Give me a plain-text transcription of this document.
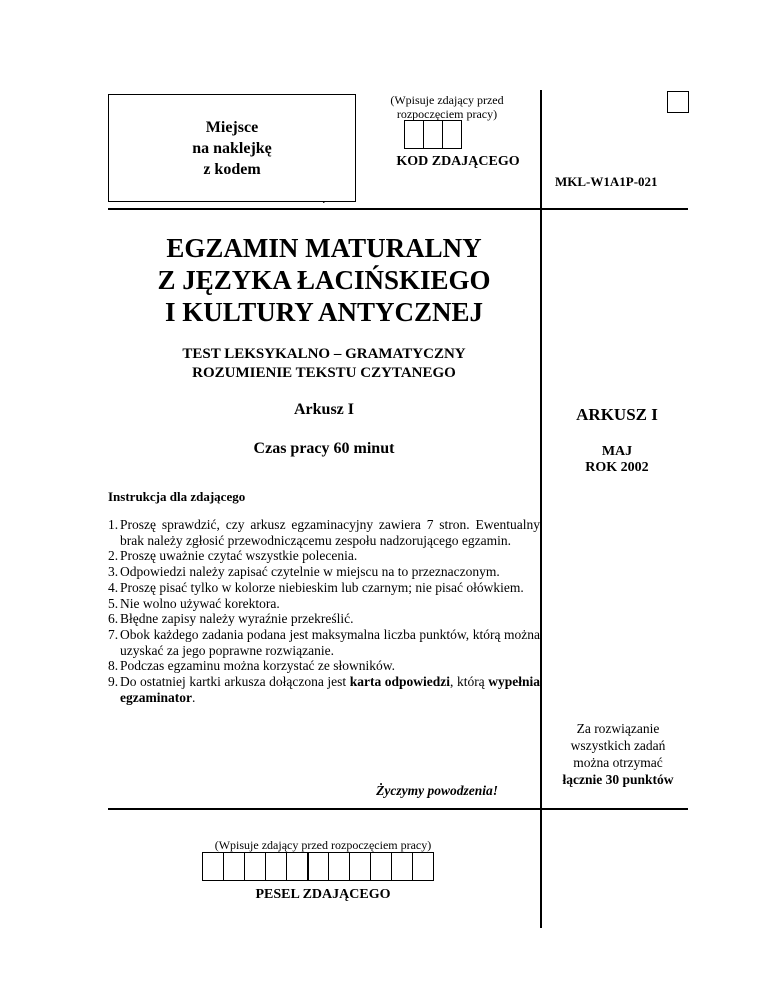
Miejsce
na naklejkę
z kodem
(Wpisuje zdający przed rozpoczęciem pracy)
KOD ZDAJĄCEGO
.
MKL-W1A1P-021
EGZAMIN MATURALNY
Z JĘZYKA ŁACIŃSKIEGO
I KULTURY ANTYCZNEJ
TEST LEKSYKALNO – GRAMATYCZNY
ROZUMIENIE TEKSTU CZYTANEGO
Arkusz I
Czas pracy 60 minut
ARKUSZ I
MAJ
ROK 2002
Instrukcja dla zdającego
1. Proszę sprawdzić, czy arkusz egzaminacyjny zawiera 7 stron. Ewentualny brak należy zgłosić przewodniczącemu zespołu nadzorującego egzamin.
2. Proszę uważnie czytać wszystkie polecenia.
3. Odpowiedzi należy zapisać czytelnie w miejscu na to przeznaczonym.
4. Proszę pisać tylko w kolorze niebieskim lub czarnym; nie pisać ołówkiem.
5. Nie wolno używać korektora.
6. Błędne zapisy należy wyraźnie przekreślić.
7. Obok każdego zadania podana jest maksymalna liczba punktów, którą można uzyskać za jego poprawne rozwiązanie.
8. Podczas egzaminu można korzystać ze słowników.
9. Do ostatniej kartki arkusza dołączona jest karta odpowiedzi, którą wypełnia egzaminator.
Życzymy powodzenia!
Za rozwiązanie
wszystkich zadań
można otrzymać
łącznie 30 punktów
(Wpisuje zdający przed rozpoczęciem pracy)
PESEL ZDAJĄCEGO
